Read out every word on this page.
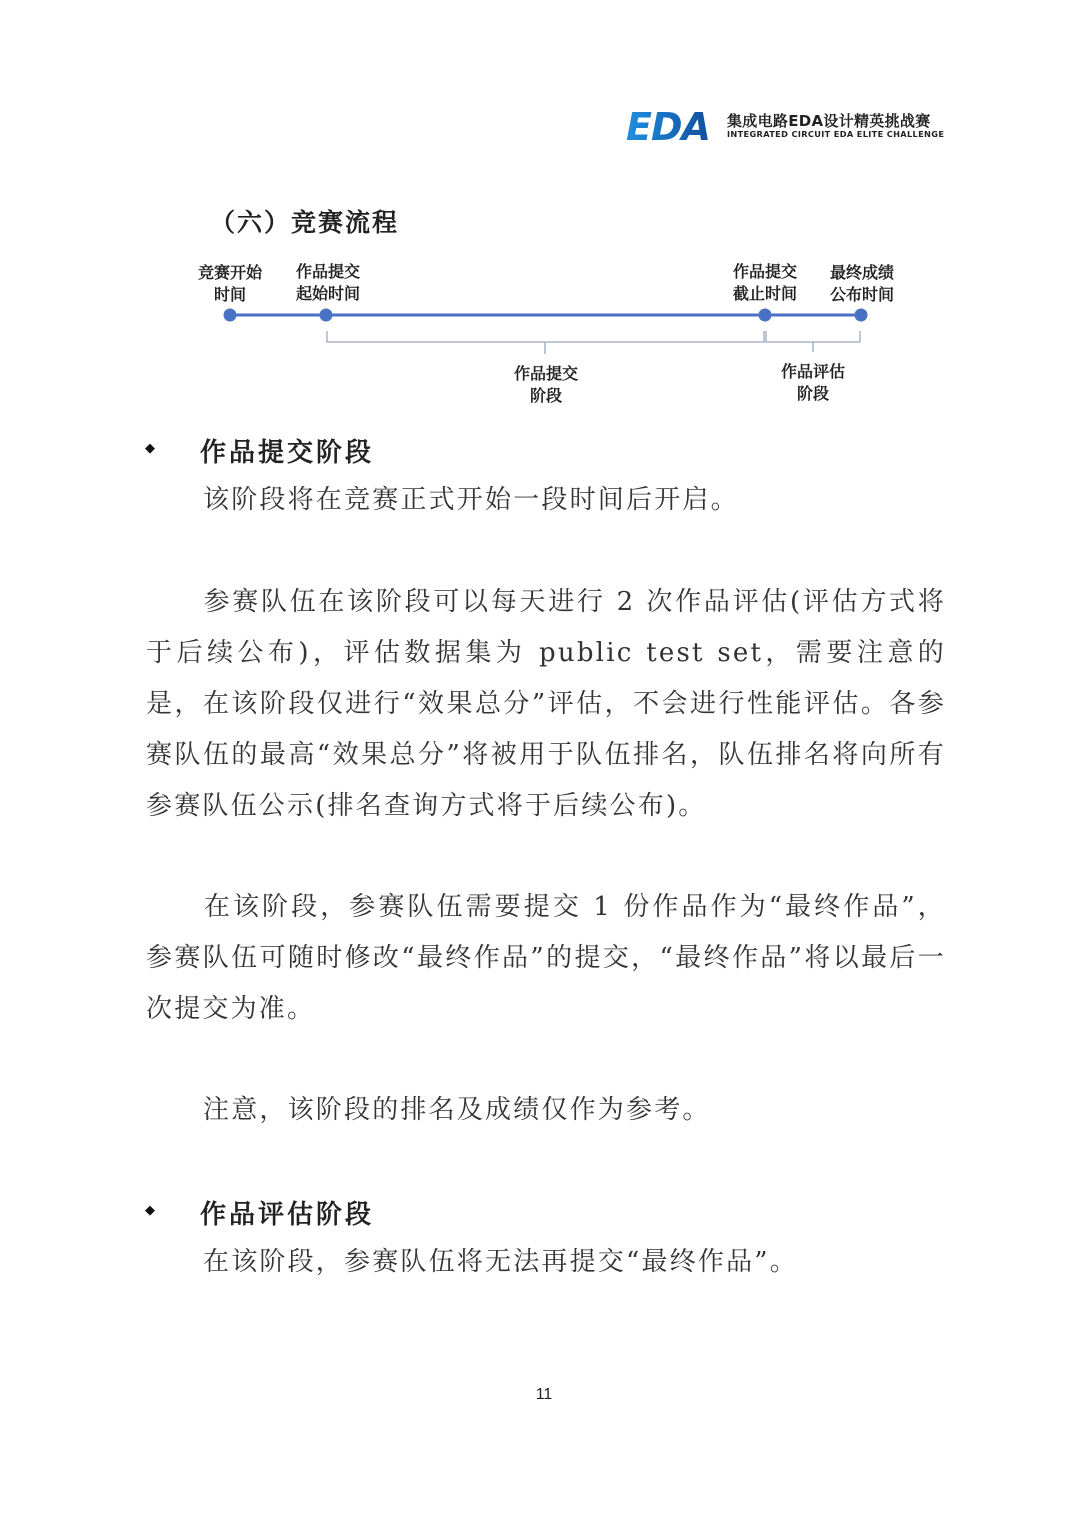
EDA 集成电路EDA设计精英挑战赛
INTEGRATED CIRCUIT EDA ELITE CHALLENGE
（六）竞赛流程
竞赛开始
时间
作品提交
起始时间
作品提交
截止时间
最终成绩
公布时间
作品提交
阶段
作品评估
阶段
◆ 作品提交阶段
该阶段将在竞赛正式开始一段时间后开启。
参赛队伍在该阶段可以每天进行 2 次作品评估(评估方式将于后续公布)，评估数据集为 public test set，需要注意的是，在该阶段仅进行“效果总分”评估，不会进行性能评估。各参赛队伍的最高“效果总分”将被用于队伍排名，队伍排名将向所有参赛队伍公示(排名查询方式将于后续公布)。
在该阶段，参赛队伍需要提交 1 份作品作为“最终作品”，参赛队伍可随时修改“最终作品”的提交，“最终作品”将以最后一次提交为准。
注意，该阶段的排名及成绩仅作为参考。
◆ 作品评估阶段
在该阶段，参赛队伍将无法再提交“最终作品”。
11
